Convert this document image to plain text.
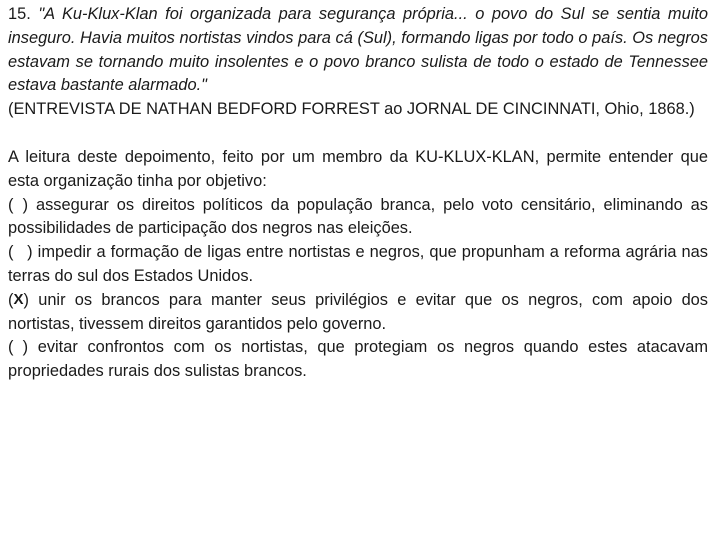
15. "A Ku-Klux-Klan foi organizada para segurança própria... o povo do Sul se sentia muito inseguro. Havia muitos nortistas vindos para cá (Sul), formando ligas por todo o país. Os negros estavam se tornando muito insolentes e o povo branco sulista de todo o estado de Tennessee estava bastante alarmado."

(ENTREVISTA DE NATHAN BEDFORD FORREST ao JORNAL DE CINCINNATI, Ohio, 1868.)

A leitura deste depoimento, feito por um membro da KU-KLUX-KLAN, permite entender que esta organização tinha por objetivo:

( ) assegurar os direitos políticos da população branca, pelo voto censitário, eliminando as possibilidades de participação dos negros nas eleições.

( ) impedir a formação de ligas entre nortistas e negros, que propunham a reforma agrária nas terras do sul dos Estados Unidos.

(X) unir os brancos para manter seus privilégios e evitar que os negros, com apoio dos nortistas, tivessem direitos garantidos pelo governo.

( ) evitar confrontos com os nortistas, que protegiam os negros quando estes atacavam propriedades rurais dos sulistas brancos.
